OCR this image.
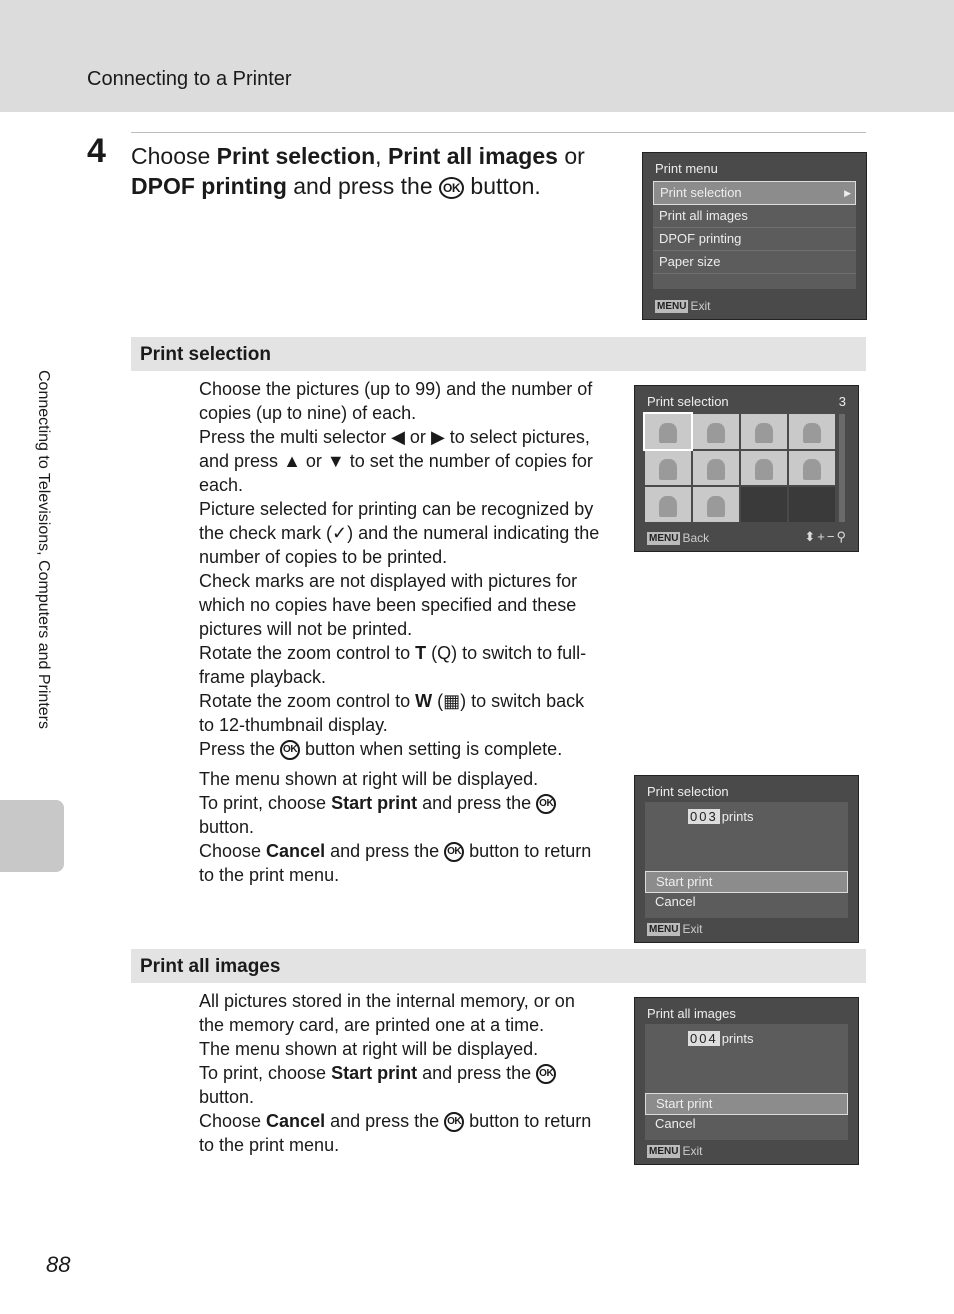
Connecting to a Printer
Connecting to Televisions, Computers and Printers
4 Choose Print selection, Print all images or DPOF printing and press the OK button.
Print menu
Print selection	▶
Print all images
DPOF printing
Paper size
MENU Exit
Print selection

Choose the pictures (up to 99) and the number of copies (up to nine) of each.

Press the multi selector ◀ or ▶ to select pictures, and press ▲ or ▼ to set the number of copies for each.

Picture selected for printing can be recognized by the check mark (✓) and the numeral indicating the number of copies to be printed.

Check marks are not displayed with pictures for which no copies have been specified and these pictures will not be printed.

Rotate the zoom control to T (Q) to switch to full-frame playback.

Rotate the zoom control to W (▦) to switch back to 12-thumbnail display.

Press the OK button when setting is complete.

The menu shown at right will be displayed.

To print, choose Start print and press the OK button.

Choose Cancel and press the OK button to return to the print menu.

Print selection	3
MENU Back	⬍+−⚲
Print selection
003 prints
Start print
Cancel
MENU Exit
Print all images

All pictures stored in the internal memory, or on the memory card, are printed one at a time.

The menu shown at right will be displayed.

To print, choose Start print and press the OK button.

Choose Cancel and press the OK button to return to the print menu.

Print all images
004 prints
Start print
Cancel
MENU Exit
88
